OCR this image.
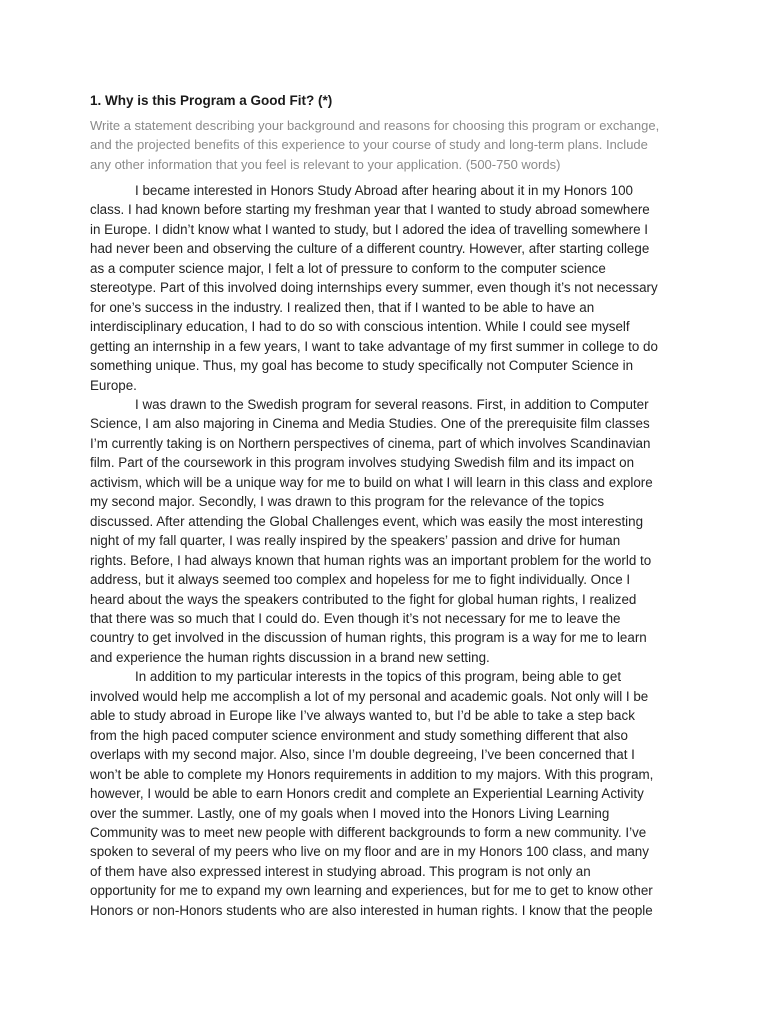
1. Why is this Program a Good Fit? (*)
Write a statement describing your background and reasons for choosing this program or exchange,
and the projected benefits of this experience to your course of study and long-term plans. Include
any other information that you feel is relevant to your application. (500-750 words)
I became interested in Honors Study Abroad after hearing about it in my Honors 100
class. I had known before starting my freshman year that I wanted to study abroad somewhere
in Europe. I didn’t know what I wanted to study, but I adored the idea of travelling somewhere I
had never been and observing the culture of a different country. However, after starting college
as a computer science major, I felt a lot of pressure to conform to the computer science
stereotype. Part of this involved doing internships every summer, even though it’s not necessary
for one’s success in the industry. I realized then, that if I wanted to be able to have an
interdisciplinary education, I had to do so with conscious intention. While I could see myself
getting an internship in a few years, I want to take advantage of my first summer in college to do
something unique. Thus, my goal has become to study specifically not Computer Science in
Europe.
I was drawn to the Swedish program for several reasons. First, in addition to Computer
Science, I am also majoring in Cinema and Media Studies. One of the prerequisite film classes
I’m currently taking is on Northern perspectives of cinema, part of which involves Scandinavian
film. Part of the coursework in this program involves studying Swedish film and its impact on
activism, which will be a unique way for me to build on what I will learn in this class and explore
my second major. Secondly, I was drawn to this program for the relevance of the topics
discussed. After attending the Global Challenges event, which was easily the most interesting
night of my fall quarter, I was really inspired by the speakers’ passion and drive for human
rights. Before, I had always known that human rights was an important problem for the world to
address, but it always seemed too complex and hopeless for me to fight individually. Once I
heard about the ways the speakers contributed to the fight for global human rights, I realized
that there was so much that I could do. Even though it’s not necessary for me to leave the
country to get involved in the discussion of human rights, this program is a way for me to learn
and experience the human rights discussion in a brand new setting.
In addition to my particular interests in the topics of this program, being able to get
involved would help me accomplish a lot of my personal and academic goals. Not only will I be
able to study abroad in Europe like I’ve always wanted to, but I’d be able to take a step back
from the high paced computer science environment and study something different that also
overlaps with my second major. Also, since I’m double degreeing, I’ve been concerned that I
won’t be able to complete my Honors requirements in addition to my majors. With this program,
however, I would be able to earn Honors credit and complete an Experiential Learning Activity
over the summer. Lastly, one of my goals when I moved into the Honors Living Learning
Community was to meet new people with different backgrounds to form a new community. I’ve
spoken to several of my peers who live on my floor and are in my Honors 100 class, and many
of them have also expressed interest in studying abroad. This program is not only an
opportunity for me to expand my own learning and experiences, but for me to get to know other
Honors or non-Honors students who are also interested in human rights. I know that the people
